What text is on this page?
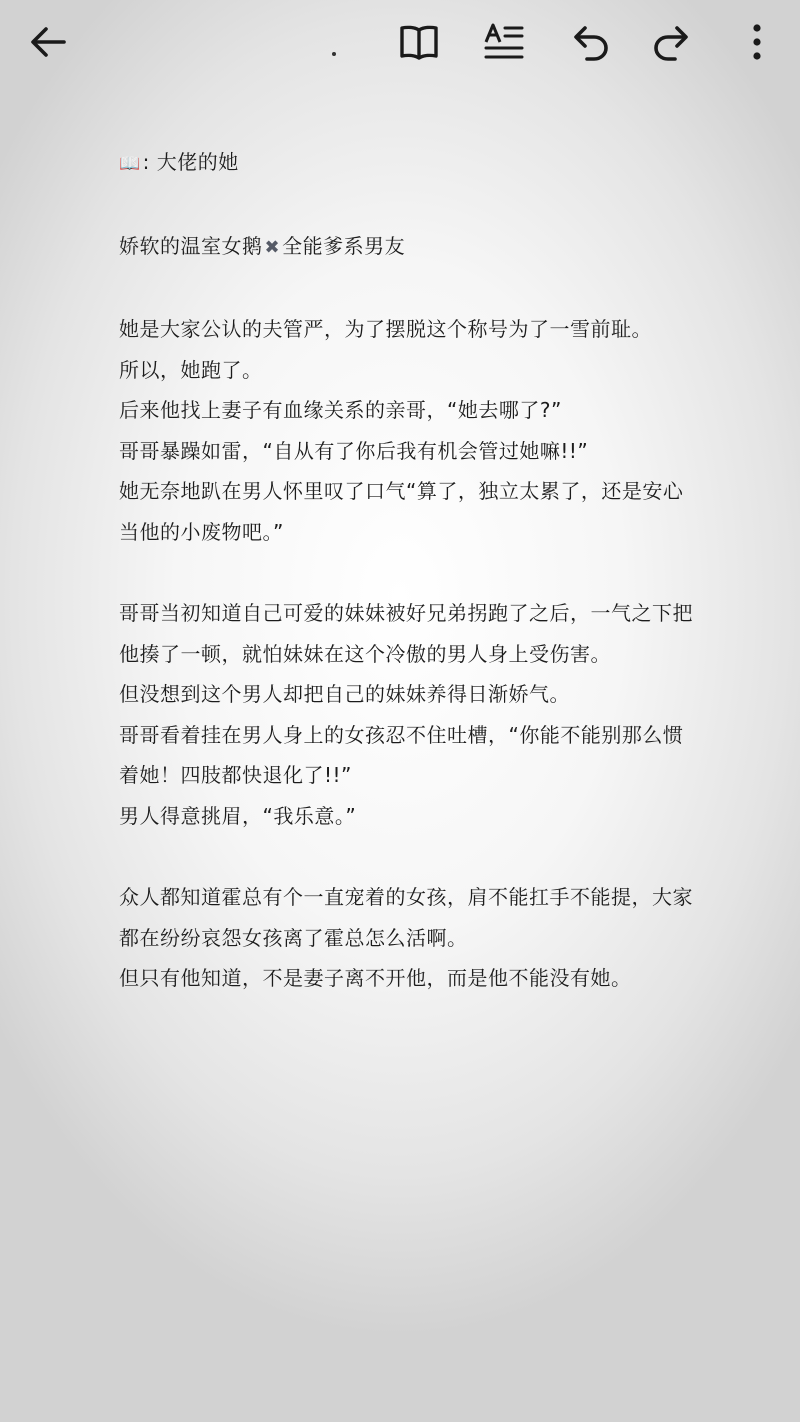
📖 : 大佬的她

娇软的温室女鹅 ✖ 全能爹系男友

她是大家公认的夫管严，为了摆脱这个称号为了一雪前耻。

所以，她跑了。

后来他找上妻子有血缘关系的亲哥，“她去哪了?”

哥哥暴躁如雷，“自从有了你后我有机会管过她嘛!!”

她无奈地趴在男人怀里叹了口气“算了，独立太累了，还是安心

当他的小废物吧。”

哥哥当初知道自己可爱的妹妹被好兄弟拐跑了之后，一气之下把

他揍了一顿，就怕妹妹在这个冷傲的男人身上受伤害。

但没想到这个男人却把自己的妹妹养得日渐娇气。

哥哥看着挂在男人身上的女孩忍不住吐槽，“你能不能别那么惯

着她！四肢都快退化了!!”

男人得意挑眉，“我乐意。”

众人都知道霍总有个一直宠着的女孩，肩不能扛手不能提，大家

都在纷纷哀怨女孩离了霍总怎么活啊。

但只有他知道，不是妻子离不开他，而是他不能没有她。
